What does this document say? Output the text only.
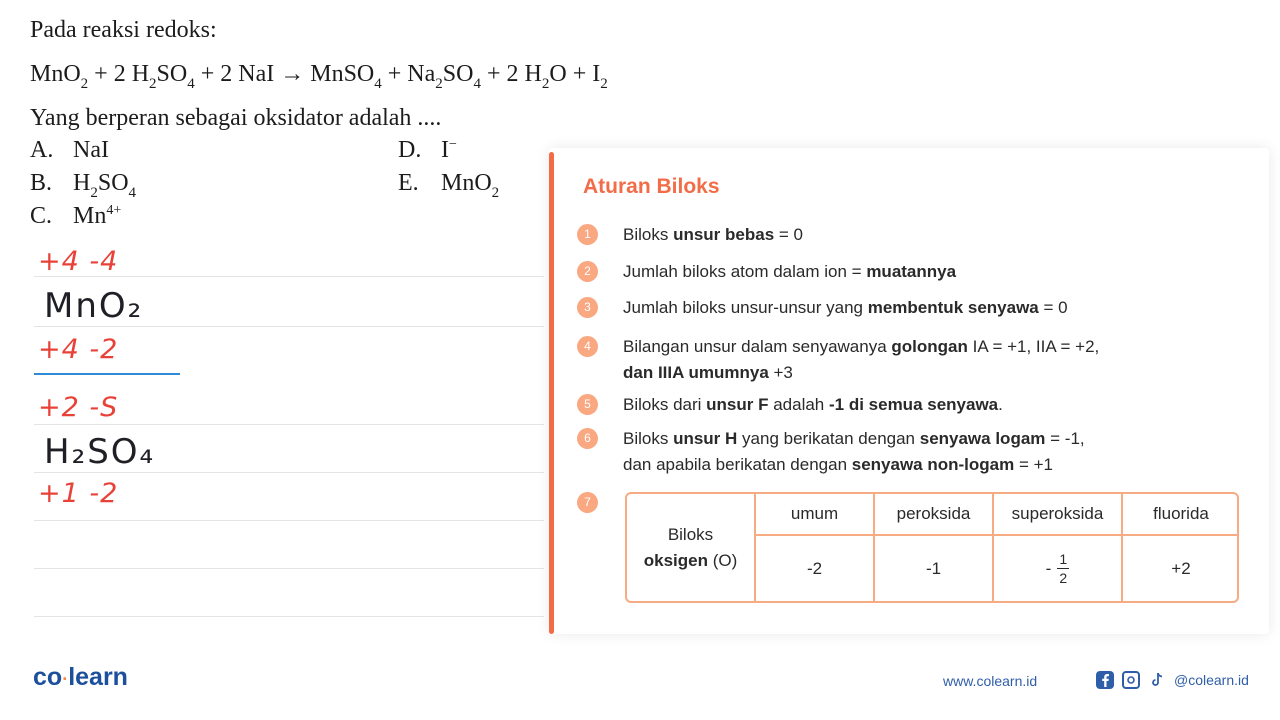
Pada reaksi redoks:
MnO$_2$ + 2 $H_2SO_4 + 2$ NaI → MnSO$_4$ + $Na_2SO_4 + 2$ $H_2O + I_2$
Yang berperan sebagai oksidator adalah ....
A. NaI
B. $H_2SO_4$
C. $Mn^{4+}$
D. I−
E. MnO$_2$
+4 -4
MnO₂
+4 -2
+2 -S
H₂SO₄
+1 -2
Aturan Biloks
1	Biloks unsur bebas = 0
2	Jumlah biloks atom dalam ion = muatannya
3	Jumlah biloks unsur-unsur yang membentuk senyawa = 0
4	Bilangan unsur dalam senyawanya golongan IA = +1, IIA = +2,
dan IIIA umumnya +3
5	Biloks dari unsur F adalah -1 di semua senyawa.
6	Biloks unsur H yang berikatan dengan senyawa logam = -1,
dan apabila berikatan dengan senyawa non-logam = +1
7
Biloks
oksigen (O)
umum	peroksida	superoksida	fluorida
-2	-1	- $\frac{1}{2}$	+2
co·learn	www.colearn.id	@colearn.id
